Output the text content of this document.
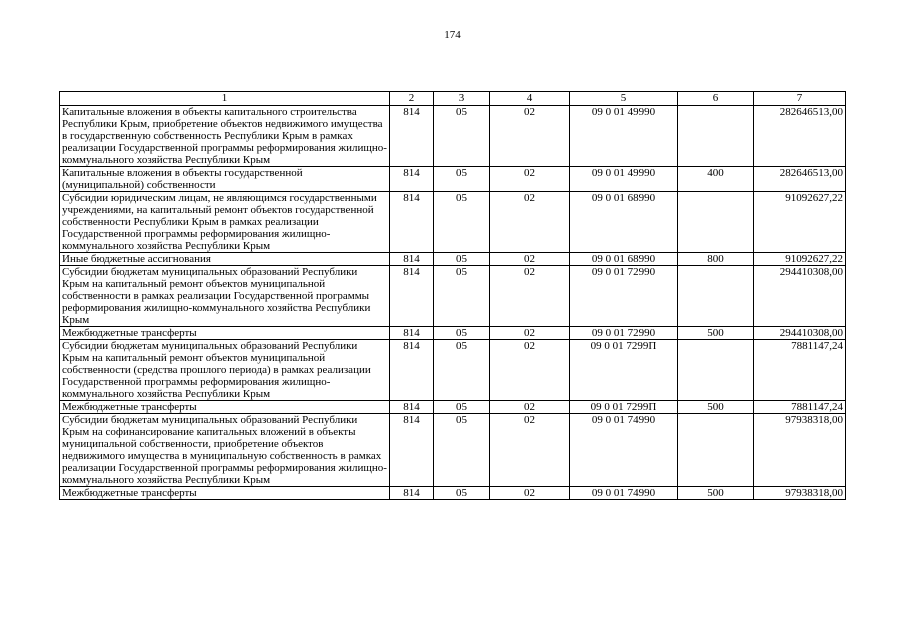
174
1	2	3	4	5	6	7
Капитальные вложения в объекты капитального строительства Республики Крым, приобретение объектов недвижимого имущества в государственную собственность Республики Крым в рамках реализации Государственной программы реформирования жилищно-коммунального хозяйства Республики Крым	814	05	02	09 0 01 49990		282646513,00
Капитальные вложения в объекты государственной (муниципальной) собственности	814	05	02	09 0 01 49990	400	282646513,00
Субсидии юридическим лицам, не являющимся государственными учреждениями, на капитальный ремонт объектов государственной собственности Республики Крым в рамках реализации Государственной программы реформирования жилищно-коммунального хозяйства Республики Крым	814	05	02	09 0 01 68990		91092627,22
Иные бюджетные ассигнования	814	05	02	09 0 01 68990	800	91092627,22
Субсидии бюджетам муниципальных образований Республики Крым на капитальный ремонт объектов муниципальной собственности в рамках реализации Государственной программы реформирования жилищно-коммунального хозяйства Республики Крым	814	05	02	09 0 01 72990		294410308,00
Межбюджетные трансферты	814	05	02	09 0 01 72990	500	294410308,00
Субсидии бюджетам муниципальных образований Республики Крым на капитальный ремонт объектов муниципальной собственности (средства прошлого периода) в рамках реализации Государственной программы реформирования жилищно-коммунального хозяйства Республики Крым	814	05	02	09 0 01 7299П		7881147,24
Межбюджетные трансферты	814	05	02	09 0 01 7299П	500	7881147,24
Субсидии бюджетам муниципальных образований Республики Крым на софинансирование капитальных вложений в объекты муниципальной собственности, приобретение объектов недвижимого имущества в муниципальную собственность в рамках реализации Государственной программы реформирования жилищно-коммунального хозяйства Республики Крым	814	05	02	09 0 01 74990		97938318,00
Межбюджетные трансферты	814	05	02	09 0 01 74990	500	97938318,00
